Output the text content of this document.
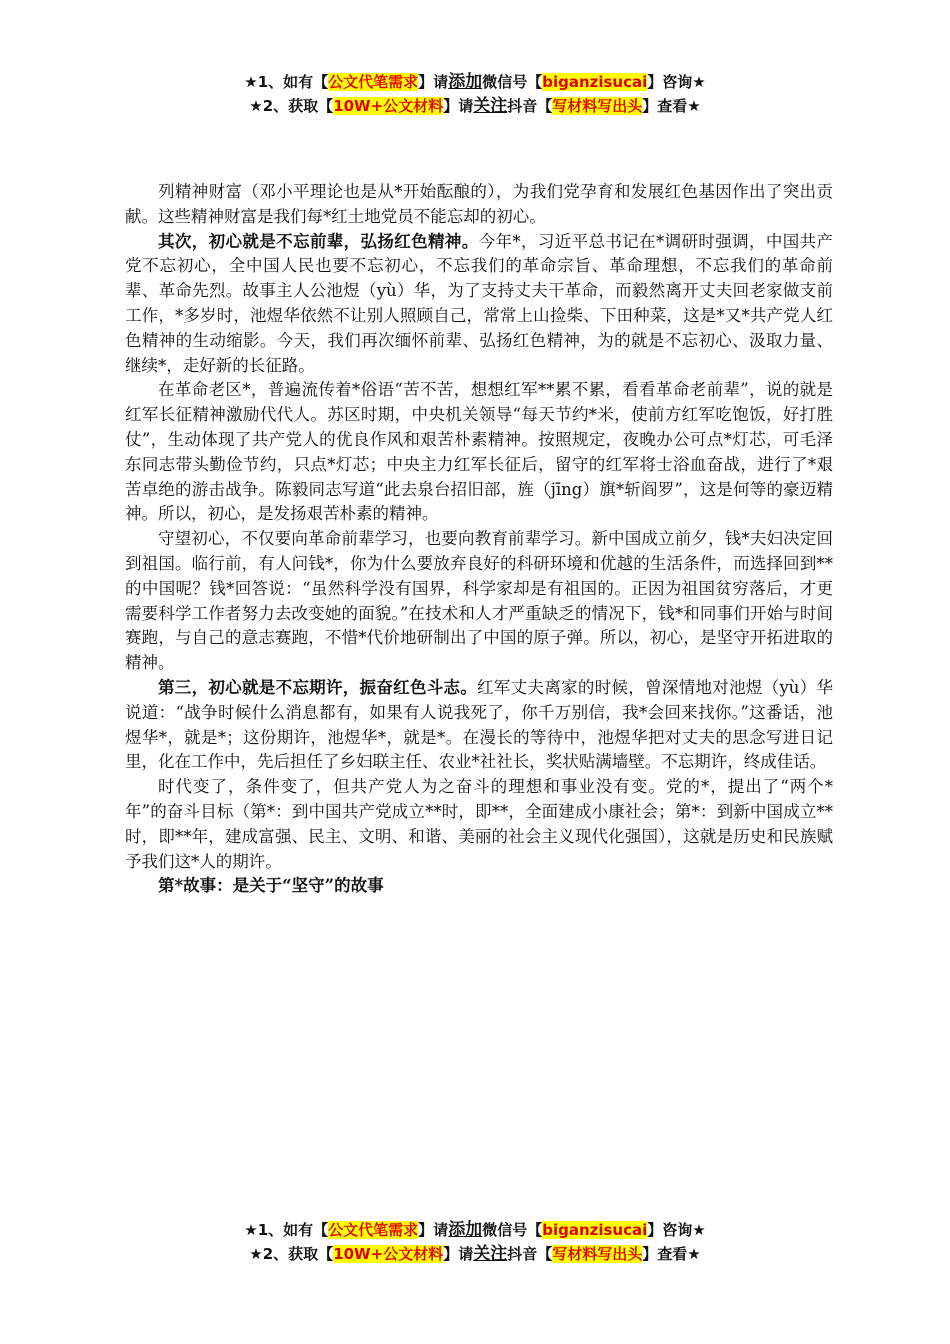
★1、如有【公文代笔需求】请添加微信号【biganzisucai】咨询★
★2、获取【10W+公文材料】请关注抖音【写材料写出头】查看★

列精神财富（邓小平理论也是从*开始酝酿的），为我们党孕育和发展红色基因作出了突出贡献。这些精神财富是我们每*红土地党员不能忘却的初心。

其次，初心就是不忘前辈，弘扬红色精神。今年*，习近平总书记在*调研时强调，中国共产党不忘初心，全中国人民也要不忘初心，不忘我们的革命宗旨、革命理想，不忘我们的革命前辈、革命先烈。故事主人公池煜（yù）华，为了支持丈夫干革命，而毅然离开丈夫回老家做支前工作，*多岁时，池煜华依然不让别人照顾自己，常常上山捡柴、下田种菜，这是*又*共产党人红色精神的生动缩影。今天，我们再次缅怀前辈、弘扬红色精神，为的就是不忘初心、汲取力量、继续*，走好新的长征路。

在革命老区*，普遍流传着*俗语“苦不苦，想想红军**累不累，看看革命老前辈”，说的就是红军长征精神激励代代人。苏区时期，中央机关领导“每天节约*米，使前方红军吃饱饭，好打胜仗”，生动体现了共产党人的优良作风和艰苦朴素精神。按照规定，夜晚办公可点*灯芯，可毛泽东同志带头勤俭节约，只点*灯芯；中央主力红军长征后，留守的红军将士浴血奋战，进行了*艰苦卓绝的游击战争。陈毅同志写道“此去泉台招旧部，旌（jīng）旗*斩阎罗”，这是何等的豪迈精神。所以，初心，是发扬艰苦朴素的精神。

守望初心，不仅要向革命前辈学习，也要向教育前辈学习。新中国成立前夕，钱*夫妇决定回到祖国。临行前，有人问钱*，你为什么要放弃良好的科研环境和优越的生活条件，而选择回到**的中国呢？钱*回答说：“虽然科学没有国界，科学家却是有祖国的。正因为祖国贫穷落后，才更需要科学工作者努力去改变她的面貌。”在技术和人才严重缺乏的情况下，钱*和同事们开始与时间赛跑，与自己的意志赛跑，不惜*代价地研制出了中国的原子弹。所以，初心，是坚守开拓进取的精神。

第三，初心就是不忘期许，振奋红色斗志。红军丈夫离家的时候，曾深情地对池煜（yù）华说道：“战争时候什么消息都有，如果有人说我死了，你千万别信，我*会回来找你。”这番话，池煜华*，就是*；这份期许，池煜华*，就是*。在漫长的等待中，池煜华把对丈夫的思念写进日记里，化在工作中，先后担任了乡妇联主任、农业*社社长，奖状贴满墙壁。不忘期许，终成佳话。

时代变了，条件变了，但共产党人为之奋斗的理想和事业没有变。党的*，提出了“两个*年”的奋斗目标（第*：到中国共产党成立**时，即**，全面建成小康社会；第*：到新中国成立**时，即**年，建成富强、民主、文明、和谐、美丽的社会主义现代化强国），这就是历史和民族赋予我们这*人的期许。

第*故事：是关于“坚守”的故事

★1、如有【公文代笔需求】请添加微信号【biganzisucai】咨询★
★2、获取【10W+公文材料】请关注抖音【写材料写出头】查看★
